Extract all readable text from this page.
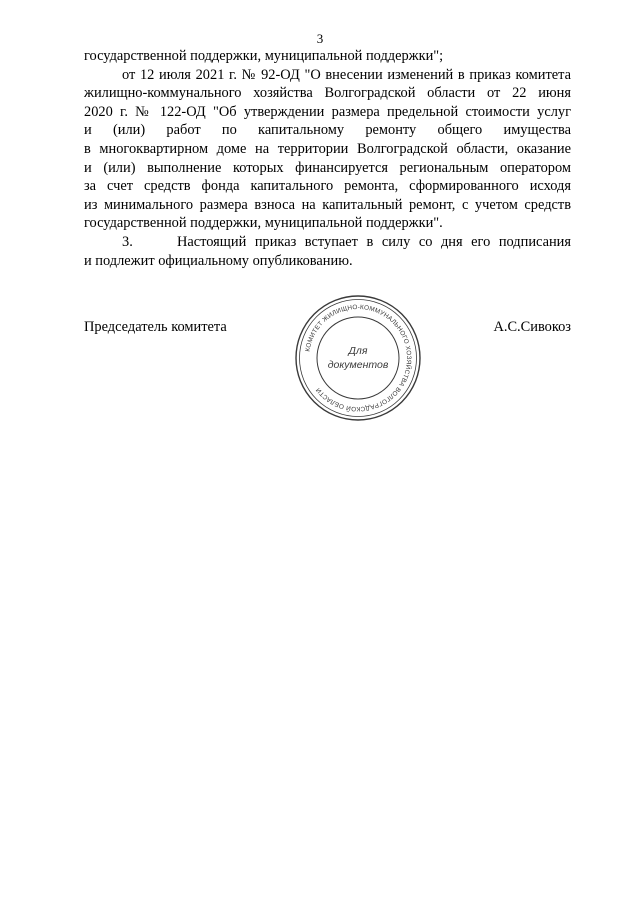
3
государственной поддержки, муниципальной поддержки";
от 12 июля 2021 г. № 92-ОД "О внесении изменений в приказ комитета
жилищно-коммунального хозяйства Волгоградской области от 22 июня
2020 г. № 122-ОД "Об утверждении размера предельной стоимости услуг
и (или) работ по капитальному ремонту общего имущества
в многоквартирном доме на территории Волгоградской области, оказание
и (или) выполнение которых финансируется региональным оператором
за счет средств фонда капитального ремонта, сформированного исходя
из минимального размера взноса на капитальный ремонт, с учетом средств
государственной поддержки, муниципальной поддержки".
3.	Настоящий приказ вступает в силу со дня его подписания
и подлежит официальному опубликованию.
Председатель комитета	А.С.Сивокоз
КОМИТЕТ ЖИЛИЩНО-КОММУНАЛЬНОГО ХОЗЯЙСТВА ВОЛГОГРАДСКОЙ ОБЛАСТИ
Для
документов
